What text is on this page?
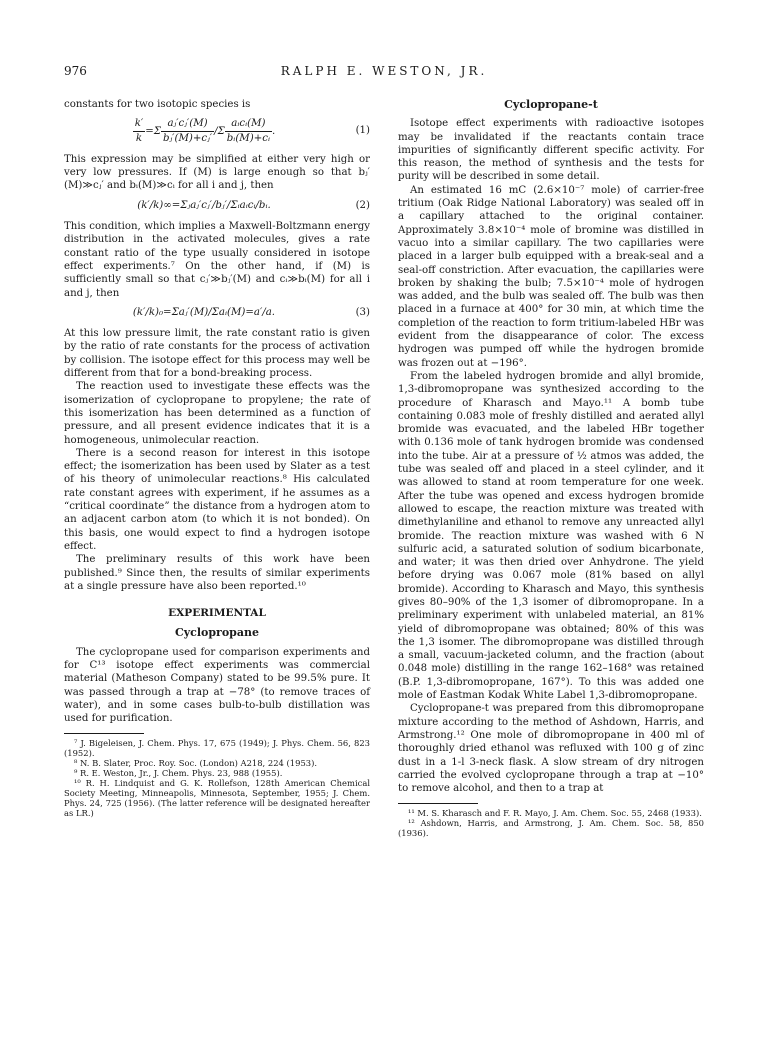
976	RALPH E. WESTON, JR.

constants for two isotopic species is

$\frac{k'}{k} =\Sigma \frac{\text{aⱼ′cⱼ′(M)}}{\text{bⱼ′(M)+cⱼ′}} /\Sigma \frac{\text{aᵢcᵢ(M)}}{\text{bᵢ(M)+cᵢ}}$ .	(1)

This expression may be simplified at either very high or very low pressures. If (M) is large enough so that bⱼ′(M)≫cⱼ′ and bᵢ(M)≫cᵢ for all i and j, then

(k′/k)∞=Σⱼaⱼ′cⱼ′/bⱼ′/Σᵢaᵢcᵢ/bᵢ.	(2)

This condition, which implies a Maxwell-Boltzmann energy distribution in the activated molecules, gives a rate constant ratio of the type usually considered in isotope effect experiments.⁷ On the other hand, if (M) is sufficiently small so that cⱼ′≫bⱼ′(M) and cᵢ≫bᵢ(M) for all i and j, then

(k′/k)₀=Σaⱼ′(M)/Σaᵢ(M)=a′/a.	(3)

At this low pressure limit, the rate constant ratio is given by the ratio of rate constants for the process of activation by collision. The isotope effect for this process may well be different from that for a bond-breaking process.

The reaction used to investigate these effects was the isomerization of cyclopropane to propylene; the rate of this isomerization has been determined as a function of pressure, and all present evidence indicates that it is a homogeneous, unimolecular reaction.

There is a second reason for interest in this isotope effect; the isomerization has been used by Slater as a test of his theory of unimolecular reactions.⁸ His calculated rate constant agrees with experiment, if he assumes as a “critical coordinate” the distance from a hydrogen atom to an adjacent carbon atom (to which it is not bonded). On this basis, one would expect to find a hydrogen isotope effect.

The preliminary results of this work have been published.⁹ Since then, the results of similar experiments at a single pressure have also been reported.¹⁰

EXPERIMENTAL
Cyclopropane

The cyclopropane used for comparison experiments and for C¹³ isotope effect experiments was commercial material (Matheson Company) stated to be 99.5% pure. It was passed through a trap at −78° (to remove traces of water), and in some cases bulb-to-bulb distillation was used for purification.

⁷ J. Bigeleisen, J. Chem. Phys. 17, 675 (1949); J. Phys. Chem. 56, 823 (1952).

⁸ N. B. Slater, Proc. Roy. Soc. (London) A218, 224 (1953).

⁹ R. E. Weston, Jr., J. Chem. Phys. 23, 988 (1955).

¹⁰ R. H. Lindquist and G. K. Rollefson, 128th American Chemical Society Meeting, Minneapolis, Minnesota, September, 1955; J. Chem. Phys. 24, 725 (1956). (The latter reference will be designated hereafter as LR.)

Cyclopropane-t

Isotope effect experiments with radioactive isotopes may be invalidated if the reactants contain trace impurities of significantly different specific activity. For this reason, the method of synthesis and the tests for purity will be described in some detail.

An estimated 16 mC (2.6×10⁻⁷ mole) of carrier-free tritium (Oak Ridge National Laboratory) was sealed off in a capillary attached to the original container. Approximately 3.8×10⁻⁴ mole of bromine was distilled in vacuo into a similar capillary. The two capillaries were placed in a larger bulb equipped with a break-seal and a seal-off constriction. After evacuation, the capillaries were broken by shaking the bulb; 7.5×10⁻⁴ mole of hydrogen was added, and the bulb was sealed off. The bulb was then placed in a furnace at 400° for 30 min, at which time the completion of the reaction to form tritium-labeled HBr was evident from the disappearance of color. The excess hydrogen was pumped off while the hydrogen bromide was frozen out at −196°.

From the labeled hydrogen bromide and allyl bromide, 1,3-dibromopropane was synthesized according to the procedure of Kharasch and Mayo.¹¹ A bomb tube containing 0.083 mole of freshly distilled and aerated allyl bromide was evacuated, and the labeled HBr together with 0.136 mole of tank hydrogen bromide was condensed into the tube. Air at a pressure of ½ atmos was added, the tube was sealed off and placed in a steel cylinder, and it was allowed to stand at room temperature for one week. After the tube was opened and excess hydrogen bromide allowed to escape, the reaction mixture was treated with dimethylaniline and ethanol to remove any unreacted allyl bromide. The reaction mixture was washed with 6 N sulfuric acid, a saturated solution of sodium bicarbonate, and water; it was then dried over Anhydrone. The yield before drying was 0.067 mole (81% based on allyl bromide). According to Kharasch and Mayo, this synthesis gives 80–90% of the 1,3 isomer of dibromopropane. In a preliminary experiment with unlabeled material, an 81% yield of dibromopropane was obtained; 80% of this was the 1,3 isomer. The dibromopropane was distilled through a small, vacuum-jacketed column, and the fraction (about 0.048 mole) distilling in the range 162–168° was retained (B.P. 1,3-dibromopropane, 167°). To this was added one mole of Eastman Kodak White Label 1,3-dibromopropane.

Cyclopropane-t was prepared from this dibromopropane mixture according to the method of Ashdown, Harris, and Armstrong.¹² One mole of dibromopropane in 400 ml of thoroughly dried ethanol was refluxed with 100 g of zinc dust in a 1-l 3-neck flask. A slow stream of dry nitrogen carried the evolved cyclopropane through a trap at −10° to remove alcohol, and then to a trap at

¹¹ M. S. Kharasch and F. R. Mayo, J. Am. Chem. Soc. 55, 2468 (1933).

¹² Ashdown, Harris, and Armstrong, J. Am. Chem. Soc. 58, 850 (1936).
